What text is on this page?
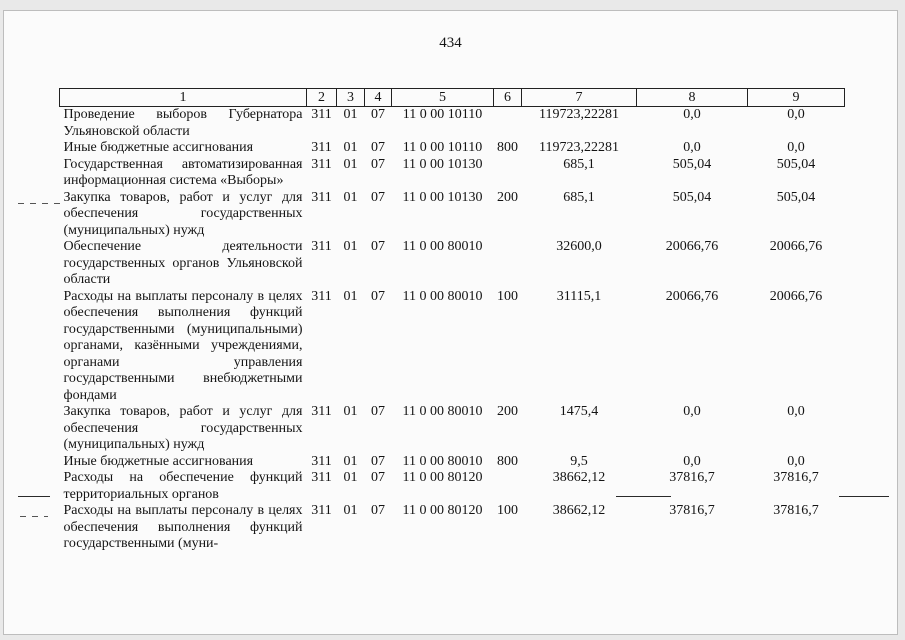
434
1	2	3	4	5	6	7	8	9
Проведение выборов Губернатора Ульяновской области	311	01	07	11 0 00 10110		119723,22281	0,0	0,0
Иные бюджетные ассигнования	311	01	07	11 0 00 10110	800	119723,22281	0,0	0,0
Государственная автоматизированная информационная система «Выборы»	311	01	07	11 0 00 10130		685,1	505,04	505,04
Закупка товаров, работ и услуг для обеспечения государственных (муниципальных) нужд	311	01	07	11 0 00 10130	200	685,1	505,04	505,04
Обеспечение деятельности государственных органов Ульяновской области	311	01	07	11 0 00 80010		32600,0	20066,76	20066,76
Расходы на выплаты персоналу в целях обеспечения выполнения функций государственными (муниципальными) органами, казёнными учреждениями, органами управления государственными внебюджетными фондами	311	01	07	11 0 00 80010	100	31115,1	20066,76	20066,76
Закупка товаров, работ и услуг для обеспечения государственных (муниципальных) нужд	311	01	07	11 0 00 80010	200	1475,4	0,0	0,0
Иные бюджетные ассигнования	311	01	07	11 0 00 80010	800	9,5	0,0	0,0
Расходы на обеспечение функций территориальных органов	311	01	07	11 0 00 80120		38662,12	37816,7	37816,7
Расходы на выплаты персоналу в целях обеспечения выполнения функций государственными (муни-	311	01	07	11 0 00 80120	100	38662,12	37816,7	37816,7
